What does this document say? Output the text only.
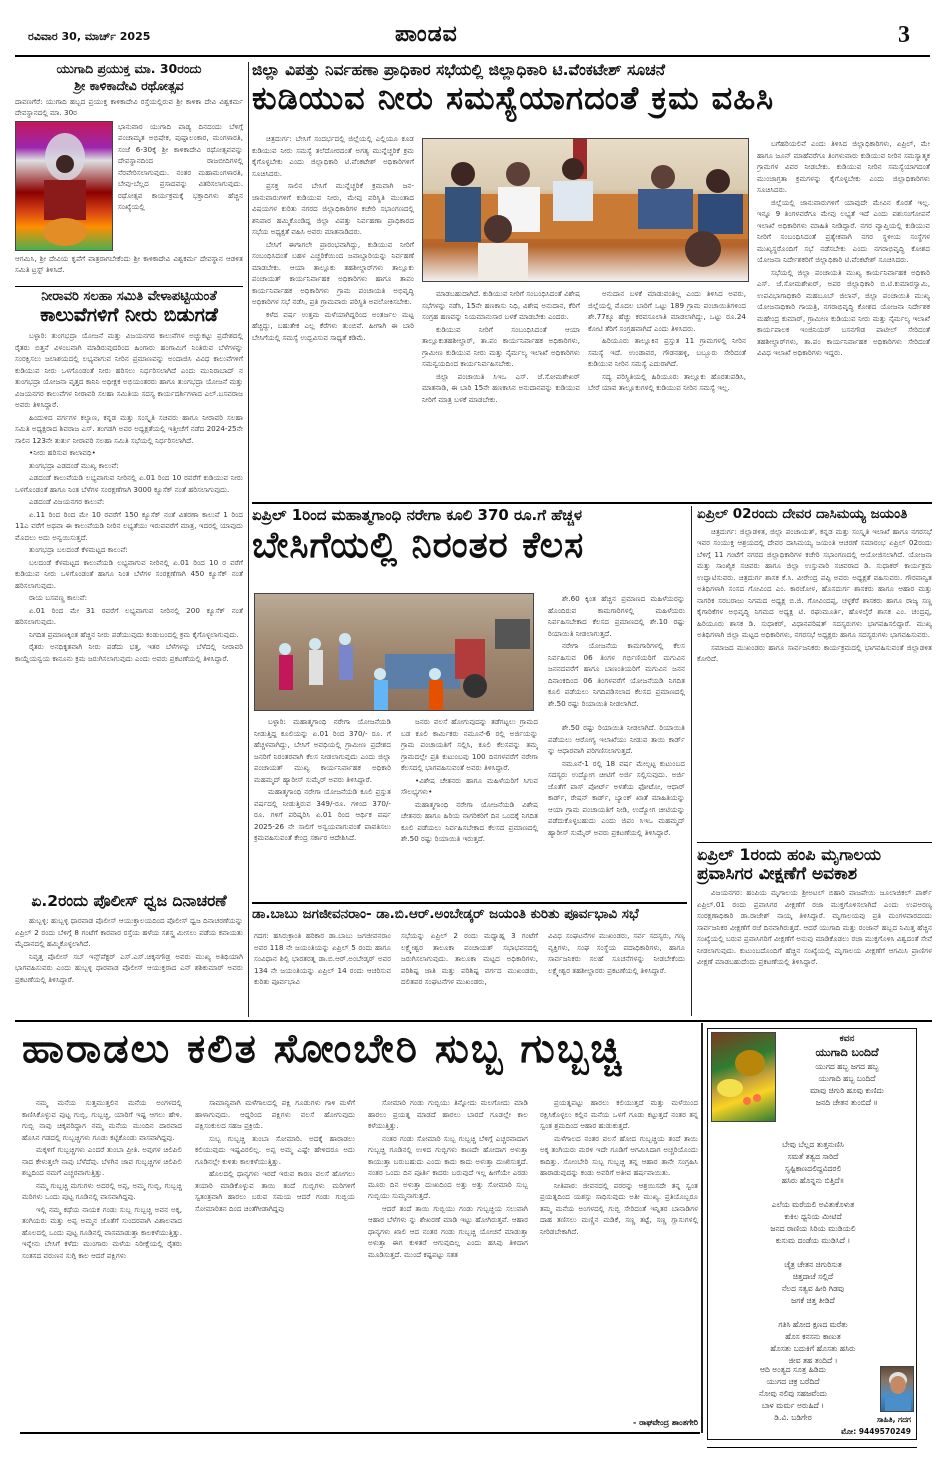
ರವಿವಾರ 30, ಮಾರ್ಚ್ 2025	ಪಾಂಡವ	3
ಯುಗಾದಿ ಪ್ರಯುಕ್ತ ಮಾ. 30ರಂದು
ಶ್ರೀ ಕಾಳಿಕಾದೇವಿ ರಥೋತ್ಸವ
ದಾವಣಗೆರೆ: ಯುಗಾದಿ ಹಬ್ಬದ ಪ್ರಯುಕ್ತ ಕಾಳಿಕಾದೇವಿ ರಸ್ತೆಯಲ್ಲಿರುವ ಶ್ರೀ ಕಾಳಿಕಾ ದೇವಿ ವಿಶ್ವಕರ್ಮ ದೇವಸ್ಥಾನದಲ್ಲಿ ಮಾ. 30ರ
ಭಾನುವಾರ ಯುಗಾದಿ ಪಾಡ್ಯ ದಿನದಂದು ಬೆಳಿಗ್ಗೆ ಪಂಚಾಮೃತ ಅಭಿಷೇಕ, ಪುಷ್ಪಾಲಂಕಾರ, ಮಂಗಳಾರತಿ, ಸಂಜೆ 6-30ಕ್ಕೆ ಶ್ರೀ ಕಾಳಿಕಾದೇವಿ ರಥೋತ್ಸವವನ್ನು ದೇವಸ್ಥಾನದಿಂದ ರಾಜಬೀದಿಗಳಲ್ಲಿ ನೆರವೇರಿಸಲಾಗುವುದು. ನಂತರ ಮಹಾಮಂಗಳಾರತಿ, ಬೇವು-ಬೆಲ್ಲದ ಪ್ರಸಾದವನ್ನು ವಿತರಿಸಲಾಗುವುದು. ರಥೋತ್ಸವ ಕಾರ್ಯಕ್ರಮಕ್ಕೆ ಭಕ್ತಾದಿಗಳು ಹೆಚ್ಚಿನ ಸಂಖ್ಯೆಯಲ್ಲಿ
ಆಗಮಿಸಿ, ಶ್ರೀ ದೇವಿಯ ಕೃಪೆಗೆ ಪಾತ್ರರಾಗಬೇಕೆಂದು ಶ್ರೀ ಕಾಳಿಕಾದೇವಿ ವಿಶ್ವಕರ್ಮ ದೇವಸ್ಥಾನ ಆಡಳಿತ ಸಮಿತಿ ಟ್ರಸ್ಟ್ ತಿಳಿಸಿದೆ.
ನೀರಾವರಿ ಸಲಹಾ ಸಮಿತಿ ವೇಳಾಪಟ್ಟಿಯಂತೆ
ಕಾಲುವೆಗಳಿಗೆ ನೀರು ಬಿಡುಗಡೆ

ಬಳ್ಳಾರಿ: ತುಂಗಭದ್ರಾ ಯೋಜನೆ ಮತ್ತು ವಿಜಯನಗರ ಕಾಲುವೆಗಳ ಅಚ್ಚುಕಟ್ಟು ಪ್ರದೇಶದಲ್ಲಿ ರೈತರು ಬಿತ್ತನೆ ವಿಳಂಬವಾಗಿ ಮಾಡಿರುವುದರಿಂದ ಹಿಂಗಾರು ಹಂಗಾಮಿಗೆ ನಿಂತಿರುವ ಬೆಳೆಗಳನ್ನು ಸಂರಕ್ಷಿಸಲು ಜಲಾಶಯದಲ್ಲಿ ಲಭ್ಯವಾಗುವ ನೀರಿನ ಪ್ರಮಾಣವನ್ನು ಅಂದಾಜಿಸಿ ವಿವಿಧ ಕಾಲುವೆಗಳಿಗೆ ಕುಡಿಯುವ ನೀರು ಒಳಗೊಂಡಂತೆ ನೀರು ಹರಿಸಲು ನಿರ್ಧರಿಸಲಾಗಿದೆ ಎಂದು ಮುನಿರಾಬಾದ್ ನ ತುಂಗಭದ್ರಾ ಯೋಜನಾ ವೃತ್ತದ ಕಾನಿನಿ ಅಧೀಕ್ಷಕ ಅಭಿಯಂತರರು ಹಾಗೂ ತುಂಗಭದ್ರಾ ಯೋಜನೆ ಮತ್ತು ವಿಜಯನಗರ ಕಾಲುವೆಗಳ ನೀರಾವರಿ ಸಲಹಾ ಸಮಿತಿಯ ಸದಸ್ಯ ಕಾರ್ಯದರ್ಶಿಗಳಾದ ಎಲ್.ಬಸವರಾಜ ಅವರು ತಿಳಿಸಿದ್ದಾರೆ.

ಹಿಂದುಳಿದ ವರ್ಗಗಳ ಕಲ್ಯಾಣ, ಕನ್ನಡ ಮತ್ತು ಸಂಸ್ಕೃತಿ ಸಚಿವರು ಹಾಗೂ ನೀರಾವರಿ ಸಲಹಾ ಸಮಿತಿ ಅಧ್ಯಕ್ಷರಾದ ಶಿವರಾಜ ಎಸ್. ತಂಗಡಗಿ ಅವರ ಅಧ್ಯಕ್ಷತೆಯಲ್ಲಿ ಇತ್ತೀಚೆಗೆ ನಡೆದ 2024-25ನೇ ಸಾಲಿನ 123ನೇ ತುರ್ತು ನೀರಾವರಿ ಸಲಹಾ ಸಮಿತಿ ಸಭೆಯಲ್ಲಿ ನಿರ್ಧರಿಸಲಾಗಿದೆ.

•ನೀರು ಹರಿಸುವ ಕಾಲಾವಧಿ•

ತುಂಗಭದ್ರಾ ಎಡದಂಡೆ ಮುಖ್ಯ ಕಾಲುವೆ:

ಎಡದಂಡೆ ಕಾಲುವೆಯಡಿ ಲಭ್ಯವಾಗುವ ನೀರಿನಲ್ಲಿ ಏ.01 ರಿಂದ 10 ರವರೆಗೆ ಕುಡಿಯುವ ನೀರು ಒಳಗೊಂಡಂತೆ ಹಾಗೂ ನಿಂತ ಬೆಳೆಗಳ ಸಂರಕ್ಷಣೆಗಾಗಿ 3000 ಕ್ಯೂಸೆಕ್ ನಂತೆ ಹರಿಸಲಾಗುವುದು.

ಎಡದಂಡೆ ವಿಜಯನಗರ ಕಾಲುವೆ:

ಏ.11 ರಿಂದ ರಿಂದ ಮೇ 10 ರವರೆಗೆ 150 ಕ್ಯೂಸೆಕ್ ನಂತೆ ವಿತರಣಾ ಕಾಲುವೆ 1 ರಿಂದ 11ಎ ವರೆಗೆ ಅಥವಾ ಈ ಕಾಲುವೆಯಡಿ ನೀರಿನ ಲಭ್ಯತೆಯು ಇರುವವರೆಗೆ ಮಾತ್ರ, ಇದರಲ್ಲಿ ಯಾವುದು ಮೊದಲು ಅದು ಅನ್ವಯಿಸುತ್ತದೆ.

ತುಂಗಭದ್ರಾ ಬಲದಂಡೆ ಕೆಳಮಟ್ಟದ ಕಾಲುವೆ:

ಬಲದಂಡೆ ಕೆಳಮಟ್ಟದ ಕಾಲುವೆಯಡಿ ಲಭ್ಯವಾಗುವ ನೀರಿನಲ್ಲಿ ಏ.01 ರಿಂದ 10 ರ ವರೆಗೆ ಕುಡಿಯುವ ನೀರು ಒಳಗೊಂಡಂತೆ ಹಾಗೂ ನಿಂತ ಬೆಳೆಗಳ ಸಂರಕ್ಷಣೆಗಾಗಿ 450 ಕ್ಯೂಸೆಕ್ ನಂತೆ ಹರಿಸಲಾಗುವುದು.

ರಾಯ ಬಸವಣ್ಣ ಕಾಲುವೆ:

ಏ.01 ರಿಂದ ಮೇ 31 ರವರೆಗೆ ಲಭ್ಯವಾಗುವ ನೀರಿನಲ್ಲಿ 200 ಕ್ಯೂಸೆಕ್ ನಂತೆ ಹರಿಸಲಾಗುವುದು.

ನಿಗದಿತ ಪ್ರಮಾಣಕ್ಕಿಂತ ಹೆಚ್ಚಿನ ನೀರು ಪಡೆಯುವುದು ಕಂಡುಬಂದಲ್ಲಿ ಕ್ರಮ ಕೈಗೊಳ್ಳಲಾಗುವುದು.

ರೈತರು ಅನಧಿಕೃತವಾಗಿ ನೀರು ಪಡೆದು ಭತ್ತ, ಇತರ ಬೆಳೆಗಳನ್ನು ಬೆಳೆದಲ್ಲಿ ನೀರಾವರಿ ಕಾಯ್ದೆಯನ್ವಯ ಕಾನೂನು ಕ್ರಮ ಜರುಗಿಸಲಾಗುವುದು ಎಂದು ಅವರು ಪ್ರಕಟಣೆಯಲ್ಲಿ ತಿಳಿಸಿದ್ದಾರೆ.

ಏ.2ರಂದು ಪೊಲೀಸ್ ಧ್ವಜ ದಿನಾಚರಣೆ

ಹುಬ್ಬಳ್ಳಿ: ಹುಬ್ಬಳ್ಳಿ ಧಾರವಾಡ ಪೊಲೀಸ್ ಆಯುಕ್ತಾಲಯದಿಂದ ಪೊಲೀಸ್ ಧ್ವಜ ದಿನಾಚರಣೆಯನ್ನು ಏಪ್ರಿಲ್ 2 ರಂದು ಬೆಳಿಗ್ಗೆ 8 ಗಂಟೆಗೆ ಕಾರವಾರ ರಸ್ತೆಯ ಹಳೆಯ ಸಶಸ್ತ್ರ ಮೀಸಲು ಪಡೆಯ ಕವಾಯತು ಮೈದಾನದಲ್ಲಿ ಹಮ್ಮಿಕೊಳ್ಳಲಾಗಿದೆ.

ನಿವೃತ್ತ ಪೊಲೀಸ್ ಸಬ್ ಇನ್ಸ್‌ಪೆಕ್ಟರ್ ಎಸ್.ಎಸ್.ಚಿಕ್ಕನಗೌಡ್ರ ಅವರು ಮುಖ್ಯ ಅತಿಥಿಯಾಗಿ ಭಾಗವಹಿಸುವರು ಎಂದು ಹುಬ್ಬಳ್ಳಿ ಧಾರವಾಡ ಪೊಲೀಸ್ ಆಯುಕ್ತರಾದ ಎನ್ ಶಶಿಕುಮಾರ್ ಅವರು ಪ್ರಕಟಣೆಯಲ್ಲಿ ತಿಳಿಸಿದ್ದಾರೆ.

ಜಿಲ್ಲಾ ವಿಪತ್ತು ನಿರ್ವಹಣಾ ಪ್ರಾಧಿಕಾರ ಸಭೆಯಲ್ಲಿ ಜಿಲ್ಲಾಧಿಕಾರಿ ಟಿ.ವೆಂಕಟೇಶ್ ಸೂಚನೆ
ಕುಡಿಯುವ ನೀರು ಸಮಸ್ಯೆಯಾಗದಂತೆ ಕ್ರಮ ವಹಿಸಿ

ಚಿತ್ರದುರ್ಗ: ಬೇಸಿಗೆ ಸಂದರ್ಭದಲ್ಲಿ ಜಿಲ್ಲೆಯಲ್ಲಿ ಎಲ್ಲಿಯೂ ಕೂಡ ಕುಡಿಯುವ ನೀರು ಸಮಸ್ಯೆ ತಲೆದೋರದಂತೆ ಅಗತ್ಯ ಮುನ್ನೆಚ್ಚರಿಕೆ ಕ್ರಮ ಕೈಗೊಳ್ಳಬೇಕು ಎಂದು ಜಿಲ್ಲಾಧಿಕಾರಿ ಟಿ.ವೆಂಕಟೇಶ್ ಅಧಿಕಾರಿಗಳಿಗೆ ಸೂಚಿಸಿದರು.

ಪ್ರಸಕ್ತ ಸಾಲಿನ ಬೇಸಿಗೆ ಮುನ್ನೆಚ್ಚರಿಕೆ ಕ್ರಮವಾಗಿ ಜನ-ಜಾನುವಾರುಗಳಿಗೆ ಕುಡಿಯುವ ನೀರು, ಮೇವು ಪರಿಸ್ಥಿತಿ ಮುಂತಾದ ವಿಷಯಗಳ ಕುರಿತು ನಗರದ ಜಿಲ್ಲಾಧಿಕಾರಿಗಳ ಕಚೇರಿ ಸಭಾಂಗಣದಲ್ಲಿ ಶನಿವಾರ ಹಮ್ಮಿಕೊಂಡಿದ್ದ ಜಿಲ್ಲಾ ವಿಪತ್ತು ನಿರ್ವಹಣಾ ಪ್ರಾಧಿಕಾರದ ಸಭೆಯ ಅಧ್ಯಕ್ಷತೆ ವಹಿಸಿ ಅವರು ಮಾತನಾಡಿದರು.

ಬೇಸಿಗೆ ಈಗಾಗಲೇ ಪ್ರಾರಂಭವಾಗಿದ್ದು, ಕುಡಿಯುವ ನೀರಿಗೆ ಸಂಬಂಧಿಸಿದಂತೆ ಬಹಳ ಎಚ್ಚರಿಕೆಯಿಂದ ಜವಾಬ್ದಾರಿಯನ್ನು ನಿರ್ವಹಣೆ ಮಾಡಬೇಕು. ಆಯಾ ತಾಲ್ಲೂಕು ತಹಶೀಲ್ದಾರ್‌ಗಳು ತಾಲ್ಲೂಕು ಪಂಚಾಯತ್ ಕಾರ್ಯನಿರ್ವಾಹಕ ಅಧಿಕಾರಿಗಳು ಹಾಗೂ ತಾಪಂ ಕಾರ್ಯನಿರ್ವಾಹಕ ಅಧಿಕಾರಿಗಳು ಗ್ರಾಮ ಪಂಚಾಯತಿ ಅಭಿವೃದ್ಧಿ ಅಧಿಕಾರಿಗಳ ಸಭೆ ನಡೆಸಿ, ಪ್ರತಿ ಗ್ರಾಮವಾರು ಪರಿಸ್ಥಿತಿ ಅವಲೋಕಿಸಬೇಕು.

ಕಳೆದ ವರ್ಷ ಉತ್ತಮ ಮಳೆಯಾಗಿದ್ದರಿಂದ ಅಂತರ್ಜಲ ಮಟ್ಟ ಹೆಚ್ಚಿದ್ದು, ಬಹುತೇಕ ಎಲ್ಲ ಕೆರೆಗಳು ತುಂಬಿವೆ. ಹೀಗಾಗಿ ಈ ಬಾರಿ ಬೇಸಿಗೆಯಲ್ಲಿ ಸಮಸ್ಯೆ ಉದ್ಭವಿಸುವ ಸಾಧ್ಯತೆ ಕಡಿಮೆ.

ಮಾಡಬಹುದಾಗಿದೆ. ಕುಡಿಯುವ ನೀರಿಗೆ ಸಂಬಂಧಿಸಿದಂತೆ ವಿಶೇಷ ಸಭೆಗಳನ್ನು ನಡೆಸಿ, 15ನೇ ಹಣಕಾಸು ನಿಧಿ, ವಿಶೇಷ ಅನುದಾನ, ಕೆರಿಗೆ ಸಂಗ್ರಹ ಹಣವನ್ನು ನಿಯಮಾನುಸಾರ ಬಳಕೆ ಮಾಡಬೇಕು ಎಂದರು.

ಕುಡಿಯುವ ನೀರಿಗೆ ಸಂಬಂಧಿಸಿದಂತೆ ಆಯಾ ತಾಲ್ಲೂಕುತಹಶೀಲ್ದಾರ್, ತಾ.ಪಂ ಕಾರ್ಯನಿರ್ವಾಹಕ ಅಧಿಕಾರಿಗಳು, ಗ್ರಾಮೀಣ ಕುಡಿಯುವ ನೀರು ಮತ್ತು ನೈರ್ಮಲ್ಯ ಇಲಾಖೆ ಅಧಿಕಾರಿಗಳು ಸಮನ್ವಯದಿಂದ ಕಾರ್ಯನಿರ್ವಹಿಸಬೇಕು.

ಜಿಲ್ಲಾ ಪಂಚಾಯಿತಿ ಸಿಇಒ ಎಸ್. ಜೆ.ಸೋಮಶೇಖರ್ ಮಾತನಾಡಿ, ಈ ಬಾರಿ 15ನೇ ಹಣಕಾಸಿನ ಅನುದಾನವನ್ನು ಕುಡಿಯುವ ನೀರಿಗೆ ಮಾತ್ರ ಬಳಕೆ ಮಾಡಬೇಕು.

ಅನುದಾನ ಬಳಕೆ ಮಾಡುವಂತಿಲ್ಲ ಎಂದು ತಿಳಿಸಿದ ಅವರು, ಜಿಲ್ಲೆಯಲ್ಲಿ ಮೊದಲ ಬಾರಿಗೆ ಒಟ್ಟು 189 ಗ್ರಾಮ ಪಂಚಾಯಿತಿಗಳಿಂದ ಶೇ.77ಕ್ಕೂ ಹೆಚ್ಚು ಕರವಸೂಲಾತಿ ಮಾಡಲಾಗಿದ್ದು, ಒಟ್ಟು ರೂ.24 ಕೋಟಿ ತೆರಿಗೆ ಸಂಗ್ರಹವಾಗಿದೆ ಎಂದು ತಿಳಿಸಿದರು.

ಹಿರಿಯೂರು ತಾಲ್ಲೂಕಿನ ಪ್ರಸ್ತುತ 11 ಗ್ರಾಮಗಳಲ್ಲಿ ನೀರಿನ ಸಮಸ್ಯೆ ಇದೆ. ಉಂಡಾವರ, ಗೌಡನಹಳ್ಳಿ, ಬಬ್ಬೂರು ಸೇರಿದಂತೆ ಕುಡಿಯುವ ನೀರಿನ ಸಮಸ್ಯೆ ಎದುರಾಗಿದೆ.

ಸದ್ಯ ಪರಿಸ್ಥಿತಿಯಲ್ಲಿ ಹಿರಿಯೂರು ತಾಲ್ಲೂಕು ಹೊರತುಪಡಿಸಿ, ಬೇರೆ ಯಾವ ತಾಲ್ಲೂಕುಗಳಲ್ಲಿ ಕುಡಿಯುವ ನೀರಿನ ಸಮಸ್ಯೆ ಇಲ್ಲ.

ಬಗೆಹರಿಯಲಿವೆ ಎಂದು ತಿಳಿಸಿದ ಜಿಲ್ಲಾಧಿಕಾರಿಗಳು, ಏಪ್ರಿಲ್, ಮೇ ಹಾಗೂ ಜೂನ್ ಮಾಹೆವರೆಗೂ ತಿಂಗಳುವಾರು ಕುಡಿಯುವ ನೀರಿನ ಸಮಸ್ಯಾತ್ಮಕ ಗ್ರಾಮಗಳ ವಿವರ ನೀಡಬೇಕು. ಕುಡಿಯುವ ನೀರಿನ ಸಮಸ್ಯೆಯಾಗದಂತೆ ಮುಂಜಾಗ್ರತಾ ಕ್ರಮಗಳನ್ನು ಕೈಗೊಳ್ಳಬೇಕು ಎಂದು ಜಿಲ್ಲಾಧಿಕಾರಿಗಳು ಸೂಚಿಸಿದರು.

ಜಿಲ್ಲೆಯಲ್ಲಿ ಜಾನುವಾರುಗಳಿಗೆ ಯಾವುದೇ ಮೇವಿನ ಕೊರತೆ ಇಲ್ಲ. ಇನ್ನೂ 9 ತಿಂಗಳವರೆಗೂ ಮೇವು ಲಭ್ಯತೆ ಇದೆ ಎಂದು ಪಶುಸಂಗೋಪನೆ ಇಲಾಖೆ ಅಧಿಕಾರಿಗಳು ಮಾಹಿತಿ ನೀಡಿದ್ದಾರೆ. ನಗರ ವ್ಯಾಪ್ತಿಯಲ್ಲಿ ಕುಡಿಯುವ ನೀರಿಗೆ ಸಂಬಂಧಿಸಿದಂತೆ ಪ್ರತ್ಯೇಕವಾಗಿ ನಗರ ಸ್ಥಳೀಯ ಸಂಸ್ಥೆಗಳ ಮುಖ್ಯಸ್ಥರೊಂದಿಗೆ ಸಭೆ ನಡೆಸಬೇಕು ಎಂದು ನಗರಾಭಿವೃದ್ಧಿ ಕೋಶದ ಯೋಜನಾ ನಿರ್ದೇಶಕರಿಗೆ ಜಿಲ್ಲಾಧಿಕಾರಿ ಟಿ.ವೆಂಕಟೇಶ್ ಸೂಚಿಸಿದರು.

ಸಭೆಯಲ್ಲಿ ಜಿಲ್ಲಾ ಪಂಚಾಯತಿ ಮುಖ್ಯ ಕಾರ್ಯನಿರ್ವಾಹಕ ಅಧಿಕಾರಿ ಎಸ್. ಜೆ.ಸೋಮಶೇಖರ್, ಅಪರ ಜಿಲ್ಲಾಧಿಕಾರಿ ಬಿ.ಟಿ.ಕುಮಾರಸ್ವಾಮಿ, ಉಪವಿಭಾಗಾಧಿಕಾರಿ ಮಹಬೂಬ್ ಜಿಲಾನ್, ಜಿಲ್ಲಾ ಪಂಚಾಯಿತಿ ಮುಖ್ಯ ಯೋಜನಾಧಿಕಾರಿ ಗಾಯತ್ರಿ, ನಗರಾಭಿವೃದ್ಧಿ ಕೋಶದ ಯೋಜನಾ ನಿರ್ದೇಶಕ ಮಹೇಂದ್ರ ಕುಮಾರ್, ಗ್ರಾಮೀಣ ಕುಡಿಯುವ ನೀರು ಮತ್ತು ನೈರ್ಮಲ್ಯ ಇಲಾಖೆ ಕಾರ್ಯಪಾಲಕ ಇಂಜಿನಿಯರ್ ಬಸನಗೌಡ ಪಾಟೀಲ್ ಸೇರಿದಂತೆ ತಹಶೀಲ್ದಾರ್‌ಗಳು, ತಾ.ಪಂ ಕಾರ್ಯನಿರ್ವಾಹಕ ಅಧಿಕಾರಿಗಳು ಸೇರಿದಂತೆ ವಿವಿಧ ಇಲಾಖೆ ಅಧಿಕಾರಿಗಳು ಇದ್ದರು.

ಏಪ್ರಿಲ್ 1ರಿಂದ ಮಹಾತ್ಮಗಾಂಧಿ ನರೇಗಾ ಕೂಲಿ 370 ರೂ.ಗೆ ಹೆಚ್ಚಳ
ಬೇಸಿಗೆಯಲ್ಲಿ ನಿರಂತರ ಕೆಲಸ

ಶೇ.60 ಕ್ಕಿಂತ ಹೆಚ್ಚಿನ ಪ್ರಮಾಣದ ಮಹಿಳೆಯರನ್ನು ಹೊಂದಿರುವ ಕಾಮಗಾರಿಗಳಲ್ಲಿ ಮಹಿಳೆಯರು ನಿರ್ವಹಿಸಬೇಕಾದ ಕೆಲಸದ ಪ್ರಮಾಣದಲ್ಲಿ ಶೇ.10 ರಷ್ಟು ರಿಯಾಯಿತಿ ನೀಡಲಾಗುತ್ತದೆ.

ನರೇಗಾ ಯೋಜನೆಯ ಕಾಮಗಾರಿಗಳಲ್ಲಿ ಕೆಲಸ ನಿರ್ವಹಿಸುವ 06 ತಿಂಗಳ ಗರ್ಭಿಣಿಯರಿಗೆ ಮಗುವಿನ ಜನನದವರೆಗೆ ಹಾಗೂ ಬಾಣಂತಿಯರಿಗೆ ಮಗುವಿನ ಜನನ ದಿನಾಂಕದಿಂದ 06 ತಿಂಗಳವರೆಗೆ ಯೋಜನೆಯಡಿ ನಿಗದಿತ ಕೂಲಿ ಪಡೆಯಲು ನಿಗದಿಪಡಿಸಲಾದ ಕೆಲಸದ ಪ್ರಮಾಣದಲ್ಲಿ ಶೇ.50 ರಷ್ಟು ರಿಯಾಯಿತಿ ನೀಡಲಾಗಿದೆ.

ಬಳ್ಳಾರಿ: ಮಹಾತ್ಮಗಾಂಧಿ ನರೇಗಾ ಯೋಜನೆಯಡಿ ನೀಡುತ್ತಿದ್ದ ಕೂಲಿಯನ್ನು ಏ.01 ರಿಂದ 370/- ರೂ. ಗೆ ಹೆಚ್ಚಳವಾಗಿದ್ದು, ಬೇಸಿಗೆ ಅವಧಿಯಲ್ಲಿ ಗ್ರಾಮೀಣ ಪ್ರದೇಶದ ಜನರಿಗೆ ನಿರಂತರವಾಗಿ ಕೆಲಸ ನೀಡಲಾಗುವುದು ಎಂದು ಜಿಲ್ಲಾ ಪಂಚಾಯತ್ ಮುಖ್ಯ ಕಾರ್ಯನಿರ್ವಾಹಕ ಅಧಿಕಾರಿ ಮಹಮ್ಮದ್ ಹ್ಯಾರೀಸ್ ಸುಮೈರ್ ಅವರು ತಿಳಿಸಿದ್ದಾರೆ.

ಮಹಾತ್ಮಗಾಂಧಿ ನರೇಗಾ ಯೋಜನೆಯಡಿ ಕೂಲಿ ಪ್ರಸ್ತುತ ವರ್ಷದಲ್ಲಿ ನೀಡುತ್ತಿರುವ 349/-ರೂ. ಗಳಿಂದ 370/- ರೂ. ಗಳಿಗೆ ಪರಿಷ್ಕರಿಸಿ ಏ.01 ರಿಂದ ಆರ್ಥಿಕ ವರ್ಷ 2025-26 ನೇ ಸಾಲಿಗೆ ಅನ್ವಯವಾಗುವಂತೆ ಪಾವತಿಸಲು ಕ್ರಮವಹಿಸುವಂತೆ ಕೇಂದ್ರ ಸರ್ಕಾರ ಆದೇಶಿಸಿದೆ.

ಜನರು ವಲಸೆ ಹೋಗುವುದನ್ನು ತಡೆಗಟ್ಟಲು ಗ್ರಾಮದ ಬಡ ಕೂಲಿ ಕಾರ್ಮಿಕರು ನಮೂನೆ-6 ರಲ್ಲಿ ಅರ್ಜಿಯನ್ನು ಗ್ರಾಮ ಪಂಚಾಯತಿಗೆ ಸಲ್ಲಿಸಿ, ಕೂಲಿ ಕೆಲಸವನ್ನು ತಮ್ಮ ಗ್ರಾಮದಲ್ಲೇ ಪ್ರತಿ ಕುಟುಂಬವು 100 ದಿನಗಳವರೆಗೆ ನರೇಗಾ ಕೆಲಸದಲ್ಲಿ ಭಾಗವಹಿಸುವಂತೆ ಅವರು ತಿಳಿಸಿದ್ದಾರೆ.

•ವಿಶೇಷ ಚೇತನರು ಹಾಗೂ ಮಹಿಳೆಯರಿಗೆ ಸಿಗುವ ಸೌಲಭ್ಯಗಳು•

ಮಹಾತ್ಮಗಾಂಧಿ ನರೇಗಾ ಯೋಜನೆಯಡಿ ವಿಶೇಷ ಚೇತನರು ಹಾಗೂ ಹಿರಿಯ ನಾಗರಿಕರಿಗೆ ದಿನ ಒಂದಕ್ಕೆ ನಿಗದಿತ ಕೂಲಿ ಪಡೆಯಲು ನಿರ್ವಹಿಸಬೇಕಾದ ಕೆಲಸದ ಪ್ರಮಾಣದಲ್ಲಿ ಶೇ.50 ರಷ್ಟು ರಿಯಾಯಿತಿ ಇರುತ್ತದೆ.

ಶೇ.50 ರಷ್ಟು ರಿಯಾಯಿತಿ ನೀಡಲಾಗಿದೆ. ರಿಯಾಯಿತಿ ಪಡೆಯಲು ಆರೋಗ್ಯ ಇಲಾಖೆಯು ನೀಡುವ ತಾಯಿ ಕಾರ್ಡ್ ನ್ನು ಆಧಾರವಾಗಿ ಪರಿಗಣಿಸಲಾಗುತ್ತದೆ.

ನಮೂನೆ-1 ರಲ್ಲಿ 18 ವರ್ಷ ಮೇಲ್ಪಟ್ಟ ಕುಟುಂಬದ ಸದಸ್ಯರು ಉದ್ಯೋಗ ಚೀಟಿಗೆ ಅರ್ಜಿ ಸಲ್ಲಿಸುವುದು. ಅರ್ಜಿ ಜೊತೆಗೆ ಪಾಸ್ ಪೋರ್ಟ್ ಅಳತೆಯ ಫೋಟೋ, ಆಧಾರ್ ಕಾರ್ಡ್, ರೇಷನ್ ಕಾರ್ಡ್, ಬ್ಯಾಂಕ್ ಖಾತೆ ಮಾಹಿತಿಯನ್ನು ಆಯಾ ಗ್ರಾಮ ಪಂಚಾಯತಿಗೆ ನೀಡಿ, ಉದ್ಯೋಗ ಚೀಟಿಯನ್ನು ಪಡೆದುಕೊಳ್ಳಬಹುದು ಎಂದು ಜಿಪಂ ಸಿಇಒ ಮಹಮ್ಮದ್ ಹ್ಯಾರೀಸ್ ಸುಮೈರ್ ಅವರು ಪ್ರಕಟಣೆಯಲ್ಲಿ ತಿಳಿಸಿದ್ದಾರೆ.

ಏಪ್ರಿಲ್ 02ರಂದು ದೇವರ ದಾಸಿಮಯ್ಯ ಜಯಂತಿ

ಚಿತ್ರದುರ್ಗ: ಜಿಲ್ಲಾಡಳಿತ, ಜಿಲ್ಲಾ ಪಂಚಾಯತ್, ಕನ್ನಡ ಮತ್ತು ಸಂಸ್ಕೃತಿ ಇಲಾಖೆ ಹಾಗೂ ನಗರಸಭೆ ಇವರ ಸಂಯುಕ್ತ ಆಶ್ರಯದಲ್ಲಿ ದೇವರ ದಾಸಿಮಯ್ಯ ಜಯಂತಿ ಆಚರಣೆ ಸಮಾರಂಭ ಏಪ್ರಿಲ್ 02ರಂದು ಬೆಳಿಗ್ಗೆ 11 ಗಂಟೆಗೆ ನಗರದ ಜಿಲ್ಲಾಧಿಕಾರಿಗಳ ಕಚೇರಿ ಸಭಾಂಗಣದಲ್ಲಿ ಆಯೋಜಿಸಲಾಗಿದೆ. ಯೋಜನಾ ಮತ್ತು ಸಾಂಖ್ಯಿಕ ಸಚಿವರು ಹಾಗೂ ಜಿಲ್ಲಾ ಉಸ್ತುವಾರಿ ಸಚಿವರಾದ ಡಿ. ಸುಧಾಕರ್ ಕಾರ್ಯಕ್ರಮ ಉದ್ಘಾಟಿಸುವರು. ಚಿತ್ರದುರ್ಗ ಶಾಸಕ ಕೆ.ಸಿ. ವೀರೇಂದ್ರ ಪಪ್ಪಿ ಅವರು ಅಧ್ಯಕ್ಷತೆ ವಹಿಸುವರು. ಗೌರವಾನ್ವಿತ ಅತಿಥಿಗಳಾಗಿ ಸಂಸದ ಗೋವಿಂದ ಎಂ. ಕಾರಜೋಳ, ಹೊಸದುರ್ಗ ಶಾಸಕರು ಹಾಗೂ ಆಹಾರ ಮತ್ತು ನಾಗರಿಕ ಸರಬರಾಜು ನಿಗಮದ ಅಧ್ಯಕ್ಷ ಬಿ.ಜಿ. ಗೋವಿಂದಪ್ಪ, ಚಳ್ಳಕೆರೆ ಶಾಸಕರು ಹಾಗೂ ರಾಜ್ಯ ಸಣ್ಣ ಕೈಗಾರಿಕೆಗಳ ಅಭಿವೃದ್ಧಿ ನಿಗಮದ ಅಧ್ಯಕ್ಷ ಟಿ. ರಘುಮೂರ್ತಿ, ಹೊಳಲ್ಕೆರೆ ಶಾಸಕ ಎಂ. ಚಂದ್ರಪ್ಪ, ಹಿರಿಯೂರು ಶಾಸಕ ಡಿ. ಸುಧಾಕರ್, ವಿಧಾನಪರಿಷತ್ ಸದಸ್ಯರುಗಳು ಭಾಗವಹಿಸಲಿದ್ದಾರೆ. ಮುಖ್ಯ ಅತಿಥಿಗಳಾಗಿ ಜಿಲ್ಲಾ ಮಟ್ಟದ ಅಧಿಕಾರಿಗಳು, ನಗರಸಭೆ ಅಧ್ಯಕ್ಷರು ಹಾಗೂ ಸದಸ್ಯರುಗಳು ಭಾಗವಹಿಸುವರು.

ಸಮಾಜದ ಮುಖಂಡರು ಹಾಗೂ ಸಾರ್ವಜನಿಕರು ಕಾರ್ಯಕ್ರಮದಲ್ಲಿ ಭಾಗವಹಿಸುವಂತೆ ಜಿಲ್ಲಾಡಳಿತ ಕೋರಿದೆ.

ಏಪ್ರಿಲ್ 1ರಂದು ಹಂಪಿ ಮೃಗಾಲಯ
ಪ್ರವಾಸಿಗರ ವೀಕ್ಷಣೆಗೆ ಅವಕಾಶ

ವಿಜಯನಗರ: ಹಂಪಿಯ ಮೃಗಾಲಯ ಶ್ರೀಅಟಲ್ ಬಿಹಾರಿ ವಾಜಪೇಯಿ ಜೂಲಾಜಿಕಲ್ ಪಾರ್ಕ್ ಏಪ್ರಿಲ್.01 ರಂದು ಪ್ರವಾಸಿಗರ ವೀಕ್ಷಣೆಗೆ ರಜಾ ಮುಕ್ತಗೊಳಿಸಲಾಗಿದೆ ಎಂದು ಉಪಅರಣ್ಯ ಸಂರಕ್ಷಣಾಧಿಕಾರಿ ಡಾ.ರಾಜೇಶ್ ನಾಯ್ಕ ತಿಳಿಸಿದ್ದಾರೆ. ಮೃಗಾಲಯವು ಪ್ರತಿ ಮಂಗಳವಾರದಂದು ಸಾರ್ವಜನಿಕರ ವೀಕ್ಷಣೆಗೆ ರಜೆ ದಿನವಾಗಿರುತ್ತದೆ. ಆದರೆ ಯುಗಾದಿ ಮತ್ತು ರಂಜಾನ್ ಹಬ್ಬದ ನಿಮಿತ್ತ ಹೆಚ್ಚಿನ ಸಂಖ್ಯೆಯಲ್ಲಿ ಬರುವ ಪ್ರವಾಸಿಗರಿಗೆ ವೀಕ್ಷಣೆಗೆ ಅನುವು ಮಾಡಿಕೊಡಲು ರಜಾ ಮುಕ್ತಗೊಳಿಸಿ ವಿಶ್ವದಂತೆ ಸೇವೆ ನೀಡಲಾಗುವುದು. ಕುಟುಂಬದೊಂದಿಗೆ ಹೆಚ್ಚಿನ ಸಂಖ್ಯೆಯಲ್ಲಿ ಮೃಗಾಲಯ ವೀಕ್ಷಣೆಗೆ ಆಗಮಿಸಿ ಪ್ರಾಣಿಗಳ ವೀಕ್ಷಣೆ ಮಾಡಬಹುದೆಂದು ಪ್ರಕಟಣೆಯಲ್ಲಿ ತಿಳಿಸಿದ್ದಾರೆ.

ಡಾ.ಬಾಬು ಜಗಜೀವನರಾಂ- ಡಾ.ಬಿ.ಆರ್.ಅಂಬೇಡ್ಕರ್ ಜಯಂತಿ ಕುರಿತು ಪೂರ್ವಭಾವಿ ಸಭೆ
ಗದಗ: ಹಸಿರುಕ್ರಾಂತಿ ಹರಿಕಾರ ಡಾ.ಬಾಬು ಜಗಜೀವನರಾಂ ಅವರ 118 ನೇ ಜಯಂತಿಯನ್ನು ಏಪ್ರಿಲ್ 5 ರಂದು ಹಾಗೂ ಸಂವಿಧಾನ ಶಿಲ್ಪಿ ಭಾರತರತ್ನ ಡಾ.ಬಿ.ಆರ್.ಅಂಬೇಡ್ಕರ್ ಅವರ 134 ನೇ ಜಯಂತಿಯನ್ನು ಏಪ್ರಿಲ್ 14 ರಂದು ಆಚರಿಸುವ ಕುರಿತು ಪೂರ್ವಭಾವಿ
ಸಭೆಯನ್ನು ಏಪ್ರಿಲ್ 2 ರಂದು ಮಧ್ಯಾಹ್ನ 3 ಗಂಟೆಗೆ ಲಕ್ಷ್ಮೇಶ್ವರ ತಾಲೂಕಾ ಪಂಚಾಯತ್ ಸಭಾಭವನದಲ್ಲಿ ಜರುಗಿಸಲಾಗುವುದು. ತಾಲೂಕಾ ಮಟ್ಟದ ಅಧಿಕಾರಿಗಳು, ಪರಿಶಿಷ್ಟ ಜಾತಿ ಮತ್ತು ಪರಿಶಿಷ್ಟ ವರ್ಗದ ಮುಖಂಡರು, ದಲಿತಪರ ಸಂಘಟನೆಗಳ ಮುಖಂಡರು,
ವಿವಿಧ ಸಂಘಟನೆಗಳ ಮುಖಂಡರು, ಸರ್ವ ಸದಸ್ಯರು, ಗಣ್ಯ ವ್ಯಕ್ತಿಗಳು, ಸಂಘ ಸಂಸ್ಥೆಯ ಪದಾಧಿಕಾರಿಗಳು, ಹಾಗೂ ಸಾರ್ವಜನಿಕರು ಸಲಹೆ ಸೂಚನೆಗಳನ್ನು ನೀಡಬೇಕೆಂದು ಲಕ್ಷ್ಮೇಶ್ವರ ತಹಶೀಲ್ದಾರರು ಪ್ರಕಟಣೆಯಲ್ಲಿ ತಿಳಿಸಿದ್ದಾರೆ.
ಹಾರಾಡಲು ಕಲಿತ ಸೋಂಬೇರಿ ಸುಬ್ಬ ಗುಬ್ಬಚ್ಚಿ

ನಮ್ಮ ಮನೆಯ ಸುತ್ತಮುತ್ತಲಿನ ಮನೆಯ ಅಂಗಳದಲ್ಲಿ ಕಾಣಿಸಿಕೊಳ್ಳುವ ಪುಟ್ಟ ಗುಬ್ಬಿ, ಗುಬ್ಬಚ್ಚಿ, ಯಾರಿಗೆ ಇಷ್ಟ ಆಗಲು ಹೇಳಿ. ಗುಬ್ಬಿ ನಾವು ಚಿಕ್ಕವರಿದ್ದಾಗ ನಮ್ಮ ಮನೆಯ ಮುಂದಿನ ದಾರವಾದ ಹೊಸಿನ ಗಡದಲ್ಲಿ ಗುಬ್ಬಚ್ಚಿಗಳು ಗೂಡು ಕಟ್ಟಿಕೊಂಡು ವಾಸವಾಗಿದ್ದವು.

ಮಕ್ಕಳಿಗೆ ಗುಬ್ಬಚ್ಚಿಗಳು ಎಂದರೆ ತುಂಬಾ ಪ್ರೀತಿ. ಅವುಗಳ ಚಿಲಿಪಿಲಿ ನಾದ ಕೇಳುತ್ತಲೇ ನಾವು ಬೆಳೆದೆವು. ಬೆಳಗಿನ ಜಾವ ಗುಬ್ಬಚ್ಚಿಗಳ ಚಿಲಿಪಿಲಿ ಶಬ್ದದಿಂದ ನಮಗೆ ಎಚ್ಚರವಾಗುತ್ತಿತ್ತು.

ನಮ್ಮ ಗುಬ್ಬಚ್ಚಿ ಮಗುಗಳು ಅದರಲ್ಲಿ ಅಪ್ಪ, ಅಮ್ಮ ಗುಬ್ಬಿ, ಗುಬ್ಬಚ್ಚಿ ಮರಿಗಳು ಒಂದು ಪುಟ್ಟ ಗೂಡಿನಲ್ಲಿ ವಾಸವಾಗಿದ್ದವು.

ಇಲ್ಲಿ ನಮ್ಮ ಕಥೆಯ ನಾಯಕ ಗಂಡು ಸುಬ್ಬ ಗುಬ್ಬಚ್ಚಿ ಅವನ ಅಕ್ಕ, ತಂಗಿಯರು ಮತ್ತು ಅಪ್ಪ ಅಮ್ಮನ ಜೊತೆಗೆ ಸುಂದರವಾಗಿ ವಿಶಾಲವಾದ ಹೊಲದಲ್ಲಿ ಒಂದು ಪುಟ್ಟ ಗೂಡಿನಲ್ಲಿ ವಾಸಮಾಡುತ್ತಾ ಕಾಲಕಳೆಯುತ್ತಿತ್ತು. ಇನ್ನೇನು ಬೇಸಿಗೆ ಕಳೆದು ಮುಂಗಾರು ಮಳೆಯ ನಿರೀಕ್ಷೆಯಲ್ಲಿ ರೈತರು ಸಂತಸದ ವರುಣನ ಸುಗ್ಗಿ ಕಾಲ ಆದರೆ ಪಕ್ಷಿಗಳು

ಸಾಮಾನ್ಯವಾಗಿ ಮಳೆಗಾಲದಲ್ಲಿ ಪಕ್ಷಿ ಗೂಡುಗಳು ಗಾಳಿ ಮಳೆಗೆ ಹಾಳಾಗುವುದು. ಆದ್ದರಿಂದ ಪಕ್ಷಿಗಳು ವಲಸೆ ಹೋಗುವುದು ಪಕ್ಷಿಸಂಕುಲದ ಸಹಜ ಪ್ರಕ್ರಿಯೆ.

ಸುಬ್ಬ ಗುಬ್ಬಚ್ಚಿ ತುಂಬಾ ಸೋಮಾರಿ. ಅದಕ್ಕೆ ಹಾರಾಡಲು ಕಲಿಯುವುದು ಇಷ್ಟವಿರಲಿಲ್ಲ. ಅಪ್ಪ ಅಮ್ಮ ಎಷ್ಟೇ ಹೇಳಿದರೂ ಅದು ಗೂಡಿನಲ್ಲೇ ಕುಳಿತು ಕಾಲಕಳೆಯುತ್ತಿತ್ತು.

ಹೊಲದಲ್ಲಿ ಧಾನ್ಯಗಳು ಇರದೆ ಇರುವ ಕಾರಣ ವಲಸೆ ಹೋಗಲು ತಯಾರಿ ಮಾಡಿಕೊಳ್ಳುವ ತಾಯಿ ತಂದೆ ಗುಬ್ಬಿಗಳು ಮರಿಗಳಿಗೆ ಸ್ವತಂತ್ರವಾಗಿ ಹಾರಲು ಬರುವ ಸಮಯ ಆದರೆ ಗಂಡು ಗುಬ್ಬಿಯ ಸೋಮಾರಿತನ ದಿಂದ ಚಿಂತೆಗೀಡಾಗಿದ್ದವು

ಸೋಮಾರಿ ಗಂಡು ಗುಬ್ಬಿಯು ತಿನ್ನೋದು ಮಲಗೋದು ಮಾಡಿ ಹಾರಲು ಪ್ರಯತ್ನ ಮಾಡದೆ ಹಾರಲು ಬಾರದೆ ಗೂಡಲ್ಲೇ ಕಾಲ ಕಳೆಯುತ್ತಿತ್ತು.

ನಂತರ ಗಂಡು ಸೋಮಾರಿ ಸುಬ್ಬ ಗುಬ್ಬಚ್ಚಿ ಬೆಳಿಗ್ಗೆ ಎಚ್ಚರವಾದಾಗ ಗುಬ್ಬಚ್ಚಿ ಗೂಡಿನಲ್ಲಿ ಉಳಿದ ಗುಬ್ಬಿಗಳು ಕಾಣದೇ ಹೋದಾಗ ಅಳುತ್ತಾ ಕಾಯುತ್ತಾ ಬರುಬಹುದು ಎಂದು ಕಾದು ಕಾದು ಅಳುತ್ತಾ ದುಃಖಿಸುತ್ತದೆ. ನಂತರ ಒಂದು ದಿನ ಪೂರ್ತಿ ಕಾದರು ಬರುವುದೆ ಇಲ್ಲ ಹೀಗೆಯೇ ಎರಡು ಮೂರು ದಿನ ಅಳುತ್ತಾ ದುಃಖದಿಂದ ಅತ್ತು ಅತ್ತು ಸೋಮಾರಿ ಸುಬ್ಬ ಗುಬ್ಬಿಯು ಸುಮ್ಮನಾಗುತ್ತದೆ.

ಆದರೆ ತಂದೆ ತಾಯಿ ಗುಬ್ಬಿಯು ಗಂಡು ಗುಬ್ಬಚ್ಚಿಯ ಸಲುವಾಗಿ ಆಹಾರ ಬೆಳೆಗಳು ನ್ನು ಶೇಖರಣೆ ಮಾಡಿ ಇಟ್ಟು ಹೋಗಿರುತ್ತವೆ. ಆಹಾರ ಧಾನ್ಯಗಳು ಖಾಲಿ ಆದ ನಂತರ ಗಂಡು ಗುಬ್ಬಚ್ಚಿ ಯೋಚನೆ ಮಾಡುತ್ತಾ ಅಳುತ್ತಾ ಈಗ ಕುಳಿತರೆ ಆಗುವುದಿಲ್ಲ ಎಂದು ಹಸಿವು ತಿಳಿದಾಗ ಮೂಡಿಸುತ್ತದೆ. ಮುಂದೆ ಕಷ್ಟಪಟ್ಟು ಸತತ

ಪ್ರಯತ್ನಪಟ್ಟು ಹಾರಲು ಕಲಿಯುತ್ತದೆ ಮತ್ತು ಮಳೆಯಿಂದ ರಕ್ಷಿಸಿಕೊಳ್ಳಲು ಕಲ್ಲಿನ ಮನೆಯ ಒಳಗೆ ಗೂಡು ಕಟ್ಟುತ್ತದೆ ನಂತರ ತನ್ನ ಸ್ವಂತ ಶ್ರಮದಿಂದ ಆಹಾರ ಹುಡುಕುತ್ತದೆ.

ಮಳೆಗಾಲದ ನಂತರ ವಲಸೆ ಹೋದ ಗುಬ್ಬಚ್ಚಿಯ ತಂದೆ ತಾಯಿ ಅಕ್ಕ ತಂಗಿಯರು ಮರಳಿ ಇದೇ ಗೂಡಿಗೆ ಆಗಮಿಸಿದಾಗ ಅಚ್ಚರಿಯೊಂದು ಕಾದಿತ್ತು. ಸೋಂಬೇರಿ ಸುಬ್ಬ ಗುಬ್ಬಚ್ಚಿ ತನ್ನ ಆಹಾರ ತಾನೇ ಸಂಗ್ರಹಿಸಿ ಹಾರಾಡುವುದನ್ನು ಕಂಡು ಅವರಿಗೆ ಅತೀವ ಹರ್ಷವಾಯಿತು.

ನೀತಿಪಾಠ: ಜೀವನದಲ್ಲಿ ಪರರನ್ನು ಆಶ್ರಯಿಸದೇ ತನ್ನ ಸ್ವಂತ ಪ್ರಯತ್ನದಿಂದ ಯಶಸ್ಸು ಸಾಧಿಸುವುದು ಅತೀ ಮುಖ್ಯ. ಪ್ರತಿಯೊಬ್ಬರೂ ತಮ್ಮ ಮನೆಯ ಅಂಗಳದಲ್ಲಿ ಗುಬ್ಬಿ ಸೇರಿದಂತೆ ಇನ್ನಿತರ ಬಾನಾಡಿಗಳ ದಾಹ ತಣಿಸಲು ಮಣ್ಣಿನ ಮಡಿಕೆ, ಸಣ್ಣ ತಟ್ಟೆ, ಸಣ್ಣ ಗ್ಲಾಸುಗಳಲ್ಲಿ ನೀರಿಡಬೇಕಾಗಿದೆ.

- ರಾಘವೇಂದ್ರ ಶಾಂತಗೇರಿ
ಕವನ
ಯುಗಾದಿ ಬಂದಿದೆ
ಯುಗದ ಹಬ್ಬ ಜಗದ ಹಬ್ಬ
ಯುಗಾದಿ ಹಬ್ಬ ಬಂದಿದೆ
ಮಾವು ಚಿಗುರಿ ಹೂವು ಕುಣಿದು
ಜನದಿ ಚೇತನ ತುಂಬಿದೆ ॥
ಬೇವು ಬೆಲ್ಲದ ತುತ್ತನುಣಿಸಿ
ಸಮತೆ ತತ್ವದ ಸಾರಿದೆ
ಸೃಷ್ಟಿಕಾಣದಲಿದ್ದವಿದರಲಿ
ಹಸಿರು ಹೊನ್ನನು ಬಿತ್ತಿದೆ॥
ಎಲೆಯ ಮರೆಯಲಿ ಅವಿತುಕೊಳುತ
ಕುಕಿಲ ಧ್ವನಿಯ ಮೀಟಿದೆ
ಜನದ ರಾಣಿಯ ಸಿರಿಯ ಮುಡಿಯಲಿ
ಕುಸುಮ ದಂಡೆಯ ಮುಡಿಸಿದೆ ।
ಚೈತ್ರ ಚೇತನ ಚಿಗುರಿಸುತ
ಚಿತ್ತದಾಚೆ ಸಲ್ಲಿದೆ
ನೆಲದ ಸತ್ವವ ಹೀರಿ ಗಿಡವು
ಜಗಕೆ ಚಿತ್ತ ತೀಡಿದೆ
ಗತಿಸಿ ಹೋದ ಕ್ಷಣದ ಮರೆತು
ಹೊಸ ಕನಸನು ಕಾಣುತ
ಹೊಸತು ಬದುಕಿಗೆ ಹೊಸತು ಹಸಿರು
ಜೀವ ತಹ ತಂದಿದೆ ।
ಆದಿ ಅಂತ್ಯದ ಸೂತ್ರ ಹಿಡಿದು
ಯುಗದ ಚಕ್ರ ಬರೆದಿದೆ
ನೋವು ನಲಿವು ಸಹಜವೆಂದು
ಬಾಳ ಮರ್ಮ ಅರುಹಿದೆ ।
ಡಿ.ವಿ. ಬಡಿಗೇರ	ಸಾಹಿತಿ, ಗದಗ
ಮೋ: 9449570249
